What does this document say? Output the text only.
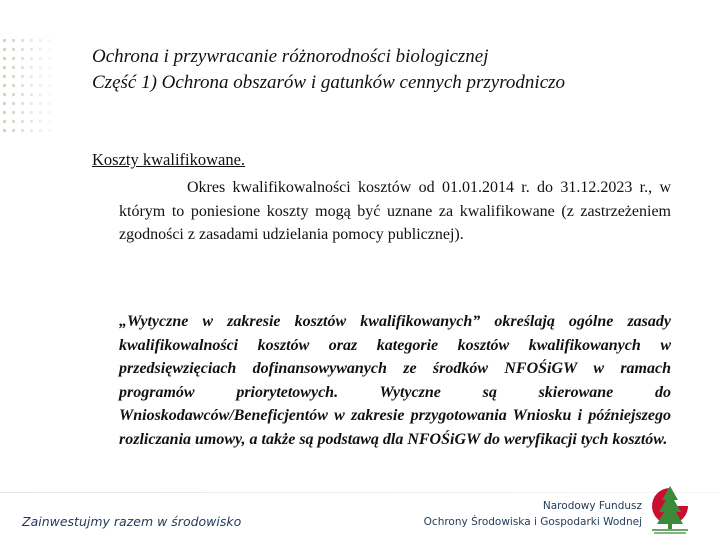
Ochrona i przywracanie różnorodności biologicznej
Część 1) Ochrona obszarów i gatunków cennych przyrodniczo
Koszty kwalifikowane.
Okres kwalifikowalności kosztów od 01.01.2014 r. do 31.12.2023 r., w którym to poniesione koszty mogą być uznane za kwalifikowane (z zastrzeżeniem zgodności z zasadami udzielania pomocy publicznej).
„Wytyczne w zakresie kosztów kwalifikowanych” określają ogólne zasady kwalifikowalności kosztów oraz kategorie kosztów kwalifikowanych w przedsięwzięciach dofinansowywanych ze środków NFOŚiGW w ramach programów priorytetowych. Wytyczne są skierowane do Wnioskodawców/Beneficjentów w zakresie przygotowania Wniosku i późniejszego rozliczania umowy, a także są podstawą dla NFOŚiGW do weryfikacji tych kosztów.
Zainwestujmy razem w środowisko
Narodowy Fundusz
Ochrony Środowiska i Gospodarki Wodnej
